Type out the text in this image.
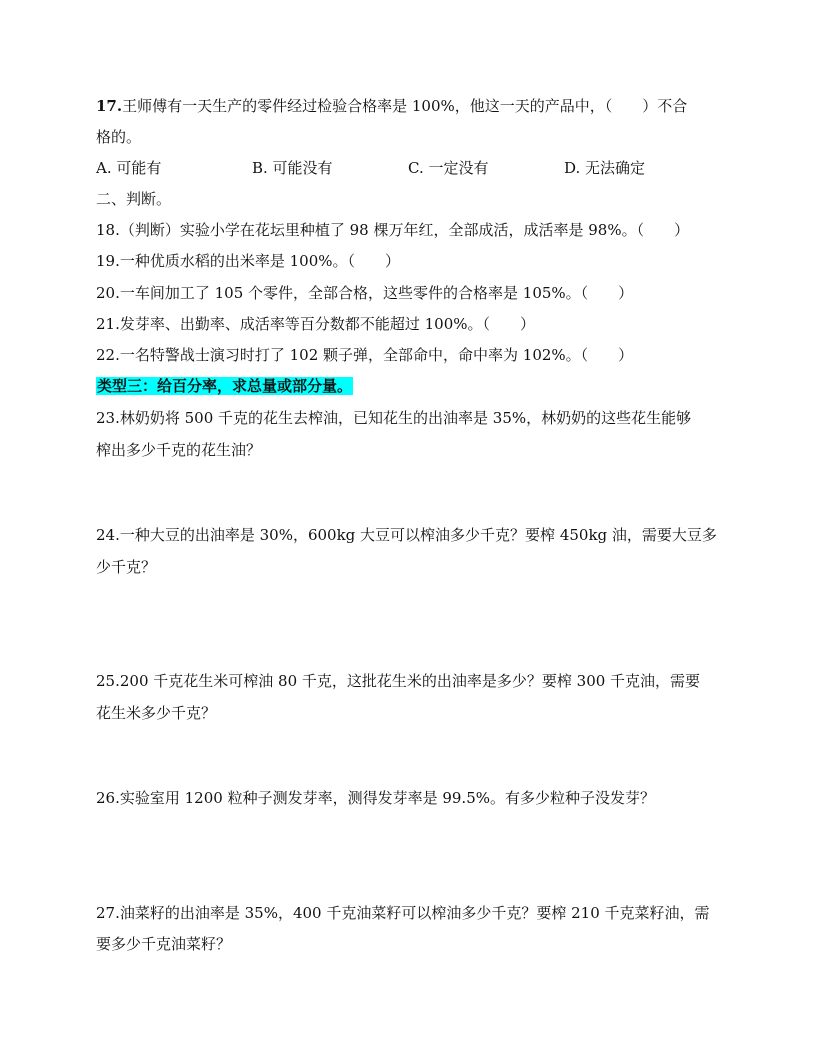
17.王师傅有一天生产的零件经过检验合格率是 100%，他这一天的产品中，（　　）不合
格的。
A. 可能有	B. 可能没有	C. 一定没有	D. 无法确定
二、判断。
18.（判断）实验小学在花坛里种植了 98 棵万年红，全部成活，成活率是 98%。（　　）
19.一种优质水稻的出米率是 100%。（　　）
20.一车间加工了 105 个零件，全部合格，这些零件的合格率是 105%。（　　）
21.发芽率、出勤率、成活率等百分数都不能超过 100%。（　　）
22.一名特警战士演习时打了 102 颗子弹，全部命中，命中率为 102%。（　　）
类型三：给百分率，求总量或部分量。
23.林奶奶将 500 千克的花生去榨油，已知花生的出油率是 35%，林奶奶的这些花生能够
榨出多少千克的花生油？
24.一种大豆的出油率是 30%，600kg 大豆可以榨油多少千克？要榨 450kg 油，需要大豆多
少千克？
25.200 千克花生米可榨油 80 千克，这批花生米的出油率是多少？要榨 300 千克油，需要
花生米多少千克？
26.实验室用 1200 粒种子测发芽率，测得发芽率是 99.5%。有多少粒种子没发芽？
27.油菜籽的出油率是 35%，400 千克油菜籽可以榨油多少千克？要榨 210 千克菜籽油，需
要多少千克油菜籽？
